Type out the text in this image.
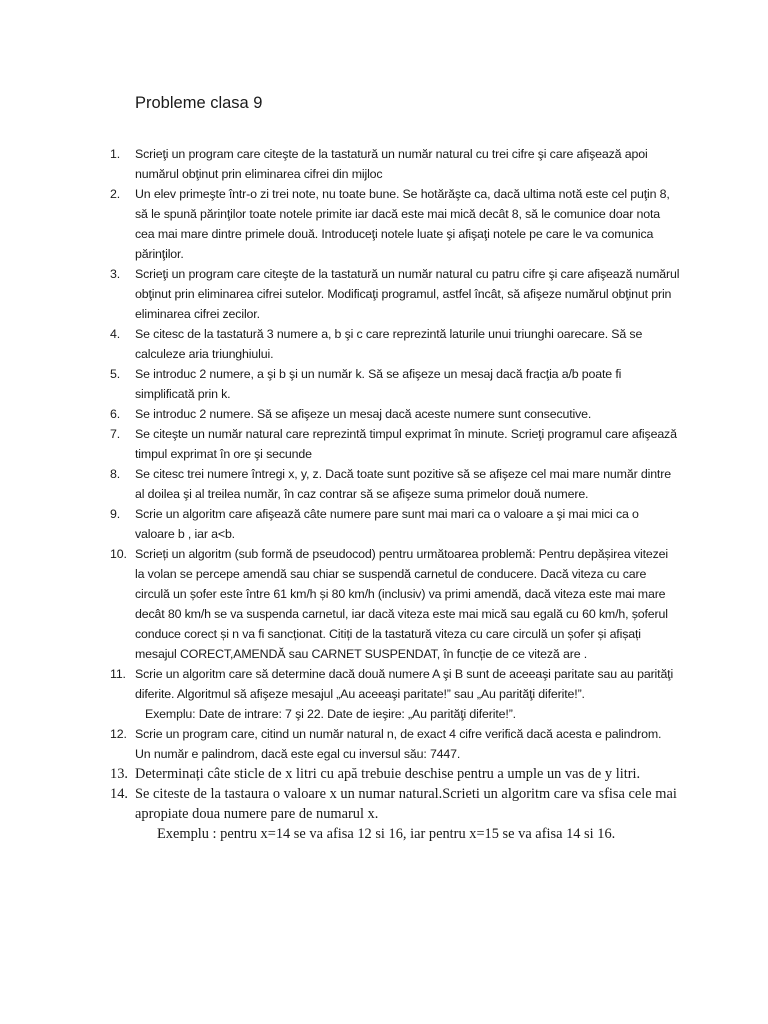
Probleme clasa 9
1.	Scrieţi un program care citeşte de la tastatură un număr natural cu trei cifre şi care afişează apoi numărul obţinut prin eliminarea cifrei din mijloc
2.	Un elev primeşte într-o zi trei note, nu toate bune. Se hotărăşte ca, dacă ultima notă este cel puţin 8, să le spună părinţilor toate notele primite iar dacă este mai mică decât 8, să le comunice doar nota cea mai mare dintre primele două. Introduceţi notele luate şi afişaţi notele pe care le va comunica părinţilor.
3.	Scrieţi un program care citeşte de la tastatură un număr natural cu patru cifre şi care afişează numărul obţinut prin eliminarea cifrei sutelor. Modificaţi programul, astfel încât, să afişeze numărul obţinut prin eliminarea cifrei zecilor.
4.	Se citesc de la tastatură 3 numere a, b şi c care reprezintă laturile unui triunghi oarecare. Să se calculeze aria triunghiului.
5.	Se introduc 2 numere, a şi b şi un număr k. Să se afişeze un mesaj dacă fracţia a/b poate fi simplificată prin k.
6.	Se introduc 2 numere. Să se afişeze un mesaj dacă aceste numere sunt consecutive.
7.	Se citeşte un număr natural care reprezintă timpul exprimat în minute. Scrieţi programul care afişează timpul exprimat în ore şi secunde
8.	Se citesc trei numere întregi x, y, z. Dacă toate sunt pozitive să se afişeze cel mai mare număr dintre al doilea şi al treilea număr, în caz contrar să se afişeze suma primelor două numere.
9.	Scrie un algoritm care afişează câte numere pare sunt mai mari ca o valoare a şi mai mici ca o valoare b , iar a<b.
10. Scrieți un algoritm (sub formă de pseudocod) pentru următoarea problemă: Pentru depășirea vitezei la volan se percepe amendă sau chiar se suspendă carnetul de conducere. Dacă viteza cu care circulă un șofer este între 61 km/h și 80 km/h (inclusiv) va primi amendă, dacă viteza este mai mare decât 80 km/h se va suspenda carnetul, iar dacă viteza este mai mică sau egală cu 60 km/h, șoferul conduce corect și n va fi sancționat. Citiți de la tastatură viteza cu care circulă un șofer și afișați mesajul CORECT,AMENDĂ sau CARNET SUSPENDAT, în funcție de ce viteză are .
11. Scrie un algoritm care să determine dacă două numere A şi B sunt de aceeaşi paritate sau au parităţi diferite. Algoritmul să afişeze mesajul „Au aceeaşi paritate!” sau „Au parităţi diferite!”.
Exemplu: Date de intrare: 7 şi 22. Date de ieşire: „Au parităţi diferite!”.
12. Scrie un program care, citind un număr natural n, de exact 4 cifre verifică dacă acesta e palindrom. Un număr e palindrom, dacă este egal cu inversul său: 7447.
13. Determinați câte sticle de x litri cu apă trebuie deschise pentru a umple un vas de y litri.
14. Se citeste de la tastaura o valoare x un numar natural.Scrieti un algoritm care va sfisa cele mai apropiate doua numere pare de numarul x.
Exemplu : pentru x=14 se va afisa 12 si 16, iar pentru x=15 se va afisa 14 si 16.
